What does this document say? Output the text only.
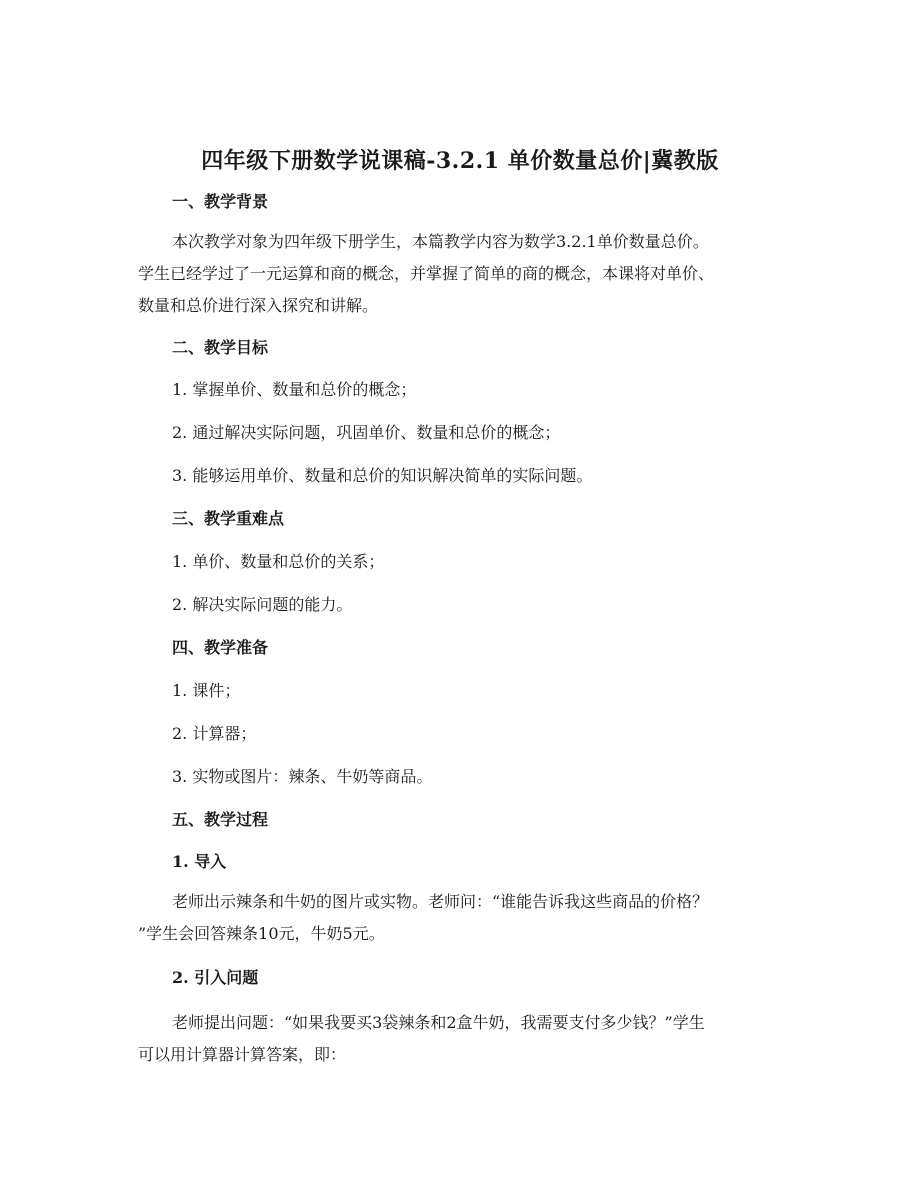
四年级下册数学说课稿-3.2.1 单价数量总价|冀教版
一、教学背景
本次教学对象为四年级下册学生，本篇教学内容为数学3.2.1单价数量总价。
学生已经学过了一元运算和商的概念，并掌握了简单的商的概念，本课将对单价、
数量和总价进行深入探究和讲解。
二、教学目标
1. 掌握单价、数量和总价的概念；
2. 通过解决实际问题，巩固单价、数量和总价的概念；
3. 能够运用单价、数量和总价的知识解决简单的实际问题。
三、教学重难点
1. 单价、数量和总价的关系；
2. 解决实际问题的能力。
四、教学准备
1. 课件；
2. 计算器；
3. 实物或图片：辣条、牛奶等商品。
五、教学过程
1. 导入
老师出示辣条和牛奶的图片或实物。老师问：“谁能告诉我这些商品的价格？
”学生会回答辣条10元，牛奶5元。
2. 引入问题
老师提出问题：“如果我要买3袋辣条和2盒牛奶，我需要支付多少钱？”学生
可以用计算器计算答案，即：
